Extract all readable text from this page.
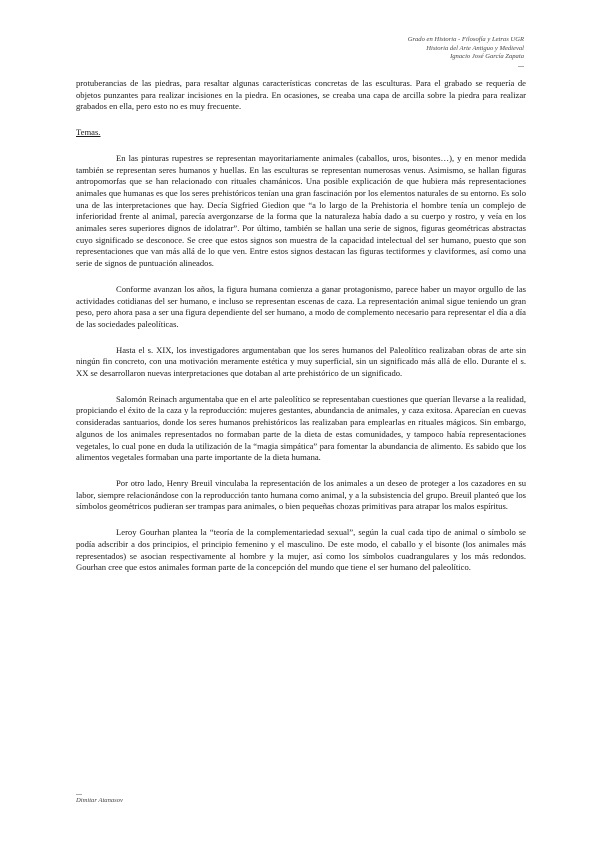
Grado en Historia - Filosofía y Letras UGR
Historia del Arte Antiguo y Medieval
Ignacio José García Zapata

protuberancias de las piedras, para resaltar algunas características concretas de las esculturas. Para el grabado se requería de objetos punzantes para realizar incisiones en la piedra. En ocasiones, se creaba una capa de arcilla sobre la piedra para realizar grabados en ella, pero esto no es muy frecuente.

Temas.

En las pinturas rupestres se representan mayoritariamente animales (caballos, uros, bisontes…), y en menor medida también se representan seres humanos y huellas. En las esculturas se representan numerosas venus. Asimismo, se hallan figuras antropomorfas que se han relacionado con rituales chamánicos. Una posible explicación de que hubiera más representaciones animales que humanas es que los seres prehistóricos tenían una gran fascinación por los elementos naturales de su entorno. Es solo una de las interpretaciones que hay. Decía Sigfried Giedion que “a lo largo de la Prehistoria el hombre tenía un complejo de inferioridad frente al animal, parecía avergonzarse de la forma que la naturaleza había dado a su cuerpo y rostro, y veía en los animales seres superiores dignos de idolatrar”. Por último, también se hallan una serie de signos, figuras geométricas abstractas cuyo significado se desconoce. Se cree que estos signos son muestra de la capacidad intelectual del ser humano, puesto que son representaciones que van más allá de lo que ven. Entre estos signos destacan las figuras tectiformes y claviformes, así como una serie de signos de puntuación alineados.

Conforme avanzan los años, la figura humana comienza a ganar protagonismo, parece haber un mayor orgullo de las actividades cotidianas del ser humano, e incluso se representan escenas de caza. La representación animal sigue teniendo un gran peso, pero ahora pasa a ser una figura dependiente del ser humano, a modo de complemento necesario para representar el día a día de las sociedades paleolíticas.

Hasta el s. XIX, los investigadores argumentaban que los seres humanos del Paleolítico realizaban obras de arte sin ningún fin concreto, con una motivación meramente estética y muy superficial, sin un significado más allá de ello. Durante el s. XX se desarrollaron nuevas interpretaciones que dotaban al arte prehistórico de un significado.

Salomón Reinach argumentaba que en el arte paleolítico se representaban cuestiones que querían llevarse a la realidad, propiciando el éxito de la caza y la reproducción: mujeres gestantes, abundancia de animales, y caza exitosa. Aparecían en cuevas consideradas santuarios, donde los seres humanos prehistóricos las realizaban para emplearlas en rituales mágicos. Sin embargo, algunos de los animales representados no formaban parte de la dieta de estas comunidades, y tampoco había representaciones vegetales, lo cual pone en duda la utilización de la “magia simpática” para fomentar la abundancia de alimento. Es sabido que los alimentos vegetales formaban una parte importante de la dieta humana.

Por otro lado, Henry Breuil vinculaba la representación de los animales a un deseo de proteger a los cazadores en su labor, siempre relacionándose con la reproducción tanto humana como animal, y a la subsistencia del grupo. Breuil planteó que los símbolos geométricos pudieran ser trampas para animales, o bien pequeñas chozas primitivas para atrapar los malos espíritus.

Leroy Gourhan plantea la “teoría de la complementariedad sexual”, según la cual cada tipo de animal o símbolo se podía adscribir a dos principios, el principio femenino y el masculino. De este modo, el caballo y el bisonte (los animales más representados) se asocian respectivamente al hombre y la mujer, así como los símbolos cuadrangulares y los más redondos. Gourhan cree que estos animales forman parte de la concepción del mundo que tiene el ser humano del paleolítico.

Dimitar Atanasov
